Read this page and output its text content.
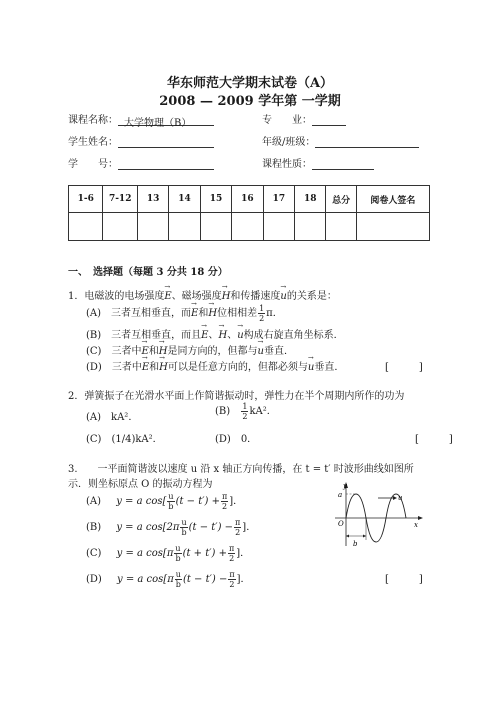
华东师范大学期末试卷（A）
2008 — 2009 学年第 一学期
课程名称： 大学物理（B）	专　　业：
学生姓名：	年级/班级：
学　　号：	课程性质：
1-6	7-12	13	14	15	16	17	18	总分	阅卷人签名

一、　选择题（每题 3 分共 18 分）
1．电磁波的电场强度→ E、磁场强度→ H和传播速度→ u的关系是：
(A)　三者互相垂直，而→ E和→ H位相相差 $\frac{1}{2}$ π．
(B)　三者互相垂直，而且→ E、→ H、→ u构成右旋直角坐标系．
(C)　三者中→ E和→ H是同方向的，但都与→ u垂直．
(D)　三者中→ E和→ H可以是任意方向的，但都必须与→ u垂直．	[　　　]
2．弹簧振子在光滑水平面上作简谐振动时，弹性力在半个周期内所作的功为
(A)　kA²．
$(B) \frac{1}{2} kA^2$．
(C)　(1/4)kA²．	(D)　0．	[　　　]
3.　　一平面简谐波以速度 u 沿 x 轴正方向传播，在 t = t′ 时波形曲线如图所
示．则坐标原点 O 的振动方程为
(A) y = a $\cos[ \frac{u}{b} (t - t') + \frac{\pi}{2}$ ]．
(B) y = a $\cos[2\pi \frac{u}{b} (t - t') - \frac{\pi}{2}$ ]．
(C) y = a $\cos[\pi \frac{u}{b} (t + t') + \frac{\pi}{2}$ ]．
(D) y = a $\cos[\pi \frac{u}{b} (t - t') - \frac{\pi}{2}$ ]．	[　　　]
y
a	u
O	x
b
